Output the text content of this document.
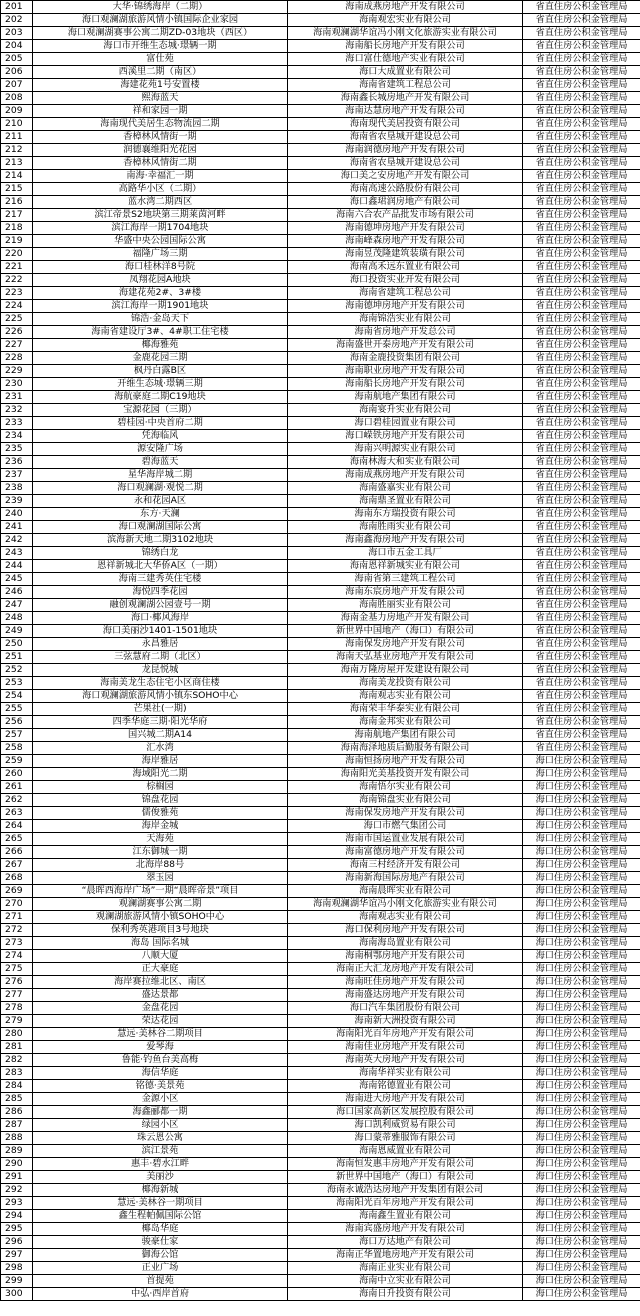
201	大华·锦绣海岸（二期）	海南成燕房地产开发有限公司	省直住房公积金管理局
202	海口观澜湖旅游风情小镇国际企业家园	海南观宏实业有限公司	省直住房公积金管理局
203	海口观澜湖赛事公寓二期ZD-03地块（西区）	海南观澜湖华谊冯小刚文化旅游实业有限公司	省直住房公积金管理局
204	海口市开维生态城·璟辆一期	海南船长房地产开发有限公司	省直住房公积金管理局
205	富仕苑	海口富仕德地产实业有限公司	省直住房公积金管理局
206	西溪里二期（南区）	海口大成置业有限公司	省直住房公积金管理局
207	海建花苑1号安置楼	海南省建筑工程总公司	省直住房公积金管理局
208	熙海蓝天	海南鑫长城房地产开发有限公司	省直住房公积金管理局
209	祥和家园一期	海南达慧房地产开发有限公司	省直住房公积金管理局
210	海南现代美居生态物流园二期	海南现代美居投资有限公司	省直住房公积金管理局
211	香樟林风情街一期	海南省农垦城开建设总公司	省直住房公积金管理局
212	润德襄维阳光花园	海南润德房地产开发有限公司	省直住房公积金管理局
213	香樟林风情街二期	海南省农垦城开建设总公司	省直住房公积金管理局
214	南海·幸福汇一期	海口美之安房地产开发有限公司	省直住房公积金管理局
215	高路华小区（二期）	海南高速公路股份有限公司	省直住房公积金管理局
216	蓝水湾二期西区	海口鑫珺润房地产有限公司	省直住房公积金管理局
217	滨江帝景S2地块第三期莱茵河畔	海南六合农产品批发市场有限公司	省直住房公积金管理局
218	滨江海岸一期1704地块	海南德坤房地产开发有限公司	省直住房公积金管理局
219	华盛中央公园国际公寓	海南峰森房地产开发有限公司	省直住房公积金管理局
220	福隆广场三期	海南昱茂隆建筑装璜有限公司	省直住房公积金管理局
221	海口桂林洋8号院	海南高禾远东置业有限公司	省直住房公积金管理局
222	凤翔花园A地块	海口投资实业开发有限公司	省直住房公积金管理局
223	海建花苑2#、3#楼	海南省建筑工程总公司	省直住房公积金管理局
224	滨江海岸一期1901地块	海南德坤房地产开发有限公司	省直住房公积金管理局
225	锦浩·金岛天下	海南锦浩实业有限公司	省直住房公积金管理局
226	海南省建设厅3#、4#职工住宅楼	海南省房地产开发总公司	省直住房公积金管理局
227	椰海雅苑	海南盛世开泰房地产开发有限公司	省直住房公积金管理局
228	金鹿花园三期	海南金鹿投资集团有限公司	省直住房公积金管理局
229	枫丹白露B区	海南职业房地产开发有限公司	省直住房公积金管理局
230	开维生态城·璟辆三期	海南船长房地产开发有限公司	省直住房公积金管理局
231	海航豪庭二期C19地块	海南航地产集团有限公司	省直住房公积金管理局
232	宝源花园（三期）	海南宴升实业有限公司	省直住房公积金管理局
233	碧桂园·中央首府二期	海口碧桂园置业有限公司	省直住房公积金管理局
234	凭海临风	海口嵘铁房地产开发有限公司	省直住房公积金管理局
235	源安隆广场	海南兴明源实业有限公司	省直住房公积金管理局
236	碧海蓝天	海南林海大和实业有限公司	省直住房公积金管理局
237	星华海岸城二期	海南成燕房地产开发有限公司	省直住房公积金管理局
238	海口观澜湖·观悦二期	海南盛嘉实业有限公司	省直住房公积金管理局
239	永和花园A区	海南鼎圣置业有限公司	省直住房公积金管理局
240	东方·天澜	海南东方瑞投资有限公司	省直住房公积金管理局
241	海口观澜湖国际公寓	海南胜雨实业有限公司	省直住房公积金管理局
242	滨海新天地二期3102地块	海南鑫海房地产开发有限公司	省直住房公积金管理局
243	锦绣白龙	海口市五金工具厂	省直住房公积金管理局
244	恩祥新城北大华侨A区（一期）	海南恩祥新城实业有限公司	省直住房公积金管理局
245	海南三建秀英住宅楼	海南省第三建筑工程公司	省直住房公积金管理局
246	海悦四季花园	海南东宸房地产开发有限公司	省直住房公积金管理局
247	融创观澜湖公园壹号一期	海南胜丽实业有限公司	省直住房公积金管理局
248	海口·椰风海岸	海南金基力房地产开发有限公司	省直住房公积金管理局
249	海口美丽沙1401-1501地块	新世界中国地产（海口）有限公司	省直住房公积金管理局
250	永昌雅居	海南保发房地产开发有限公司	省直住房公积金管理局
251	三弦慧府二期（北区）	海南天弘基业房地产开发有限公司	省直住房公积金管理局
252	龙昆悦城	海南万隆房屋开发建设有限公司	省直住房公积金管理局
253	海南美龙生态住宅小区商住楼	海南美龙投资有限公司	省直住房公积金管理局
254	海口观澜湖旅游风情小镇东SOHO中心	海南观志实业有限公司	省直住房公积金管理局
255	芒果社(一期)	海南荣丰华泰实业有限公司	省直住房公积金管理局
256	四季华庭三期·阳光华府	海南金邦实业有限公司	省直住房公积金管理局
257	国兴城二期A14	海南航地产集团有限公司	省直住房公积金管理局
258	汇水湾	海南海泽地质后勤服务有限公司	省直住房公积金管理局
259	海岸雅居	海南恒扬房地产开发有限公司	海口住房公积金管理局
260	海域阳光二期	海南阳光美基投资开发有限公司	海口住房公积金管理局
261	棕榈园	海南悟尔实业有限公司	海口住房公积金管理局
262	锦盘花园	海南锦盘实业有限公司	海口住房公积金管理局
263	儒俊雅苑	海南保发房地产开发有限公司	海口住房公积金管理局
264	海岸金城	海口市燃气集团公司	海口住房公积金管理局
265	天海苑	海南市国运置业发展有限公司	海口住房公积金管理局
266	江东御城一期	海南富德房地产开发有限公司	海口住房公积金管理局
267	北海岸88号	海南三村经济开发有限公司	海口住房公积金管理局
268	翠玉园	海南新海国际房地产有限公司	海口住房公积金管理局
269	“晨晖西海岸广场”一期“晨晖帝景”项目	海南晨晖实业有限公司	海口住房公积金管理局
270	观澜湖赛事公寓二期	海南观澜湖华谊冯小刚文化旅游实业有限公司	海口住房公积金管理局
271	观澜湖旅游风情小镇SOHO中心	海南观志实业有限公司	海口住房公积金管理局
272	保利秀英港项目3号地块	海口保利房地产开发有限公司	海口住房公积金管理局
273	海岛 国际名城	海南海岛置业有限公司	海口住房公积金管理局
274	八顺大厦	海南桐鄂房地产开发有限公司	海口住房公积金管理局
275	正大豪庭	海南正大汇龙房地产开发有限公司	海口住房公积金管理局
276	海岸赛拉维北区、南区	海南旺佳房地产开发有限公司	海口住房公积金管理局
277	盛达景都	海南盛达房地产开发有限公司	海口住房公积金管理局
278	金盘花园	海口汽车集团股份有限公司	海口住房公积金管理局
279	荣达花园	海南新大洲投资有限公司	海口住房公积金管理局
280	慧远·美林谷二期项目	海南阳光百年房地产开发有限公司	海口住房公积金管理局
281	爱琴海	海南佳业房地产开发有限公司	海口住房公积金管理局
282	鲁能·钓鱼台美高梅	海南英大房地产开发有限公司	海口住房公积金管理局
283	海信华庭	海南华祥实业有限公司	海口住房公积金管理局
284	铭德·美景苑	海南铭德置业有限公司	海口住房公积金管理局
285	金源小区	海南进大房地产开发有限公司	海口住房公积金管理局
286	海鑫郦都一期	海口国家高新区发展控股有限公司	海口住房公积金管理局
287	绿园小区	海口凯利威贸易有限公司	海口住房公积金管理局
288	珠云恩公寓	海口蒙蒂雅服饰有限公司	海口住房公积金管理局
289	滨江景苑	海南恩威置业有限公司	海口住房公积金管理局
290	惠丰·碧水江畔	海南恒发惠丰房地产开发有限公司	海口住房公积金管理局
291	美丽沙	新世界中国地产（海口）有限公司	海口住房公积金管理局
292	椰海新城	海南永诚浩达房地产开发集团有限公司	海口住房公积金管理局
293	慧远·美林谷一期项目	海南阳光百年房地产开发有限公司	海口住房公积金管理局
294	鑫生程帕佩国际公馆	海南鑫生置业有限公司	海口住房公积金管理局
295	椰岛华庭	海南宾盛房地产开发有限公司	海口住房公积金管理局
296	骏豪仕家	海口万达地产有限公司	海口住房公积金管理局
297	御海公馆	海南正华置地房地产开发有限公司	海口住房公积金管理局
298	正业广场	海南正业实业有限公司	海口住房公积金管理局
299	首提苑	海南中立实业有限公司	海口住房公积金管理局
300	中弘·西岸首府	海南日升投资有限公司	海口住房公积金管理局
